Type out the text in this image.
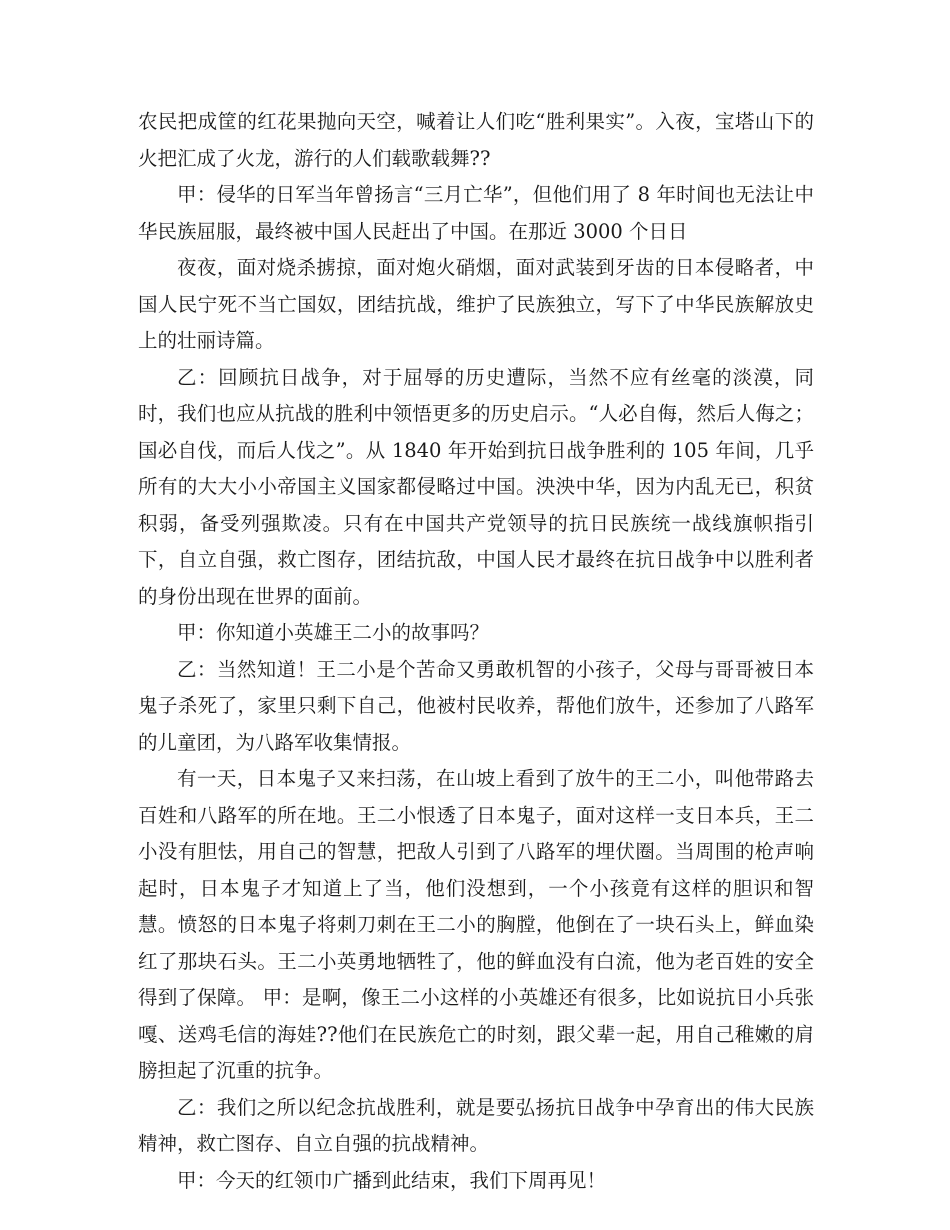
农民把成筐的红花果抛向天空，喊着让人们吃“胜利果实”。入夜，宝塔山下的火把汇成了火龙，游行的人们载歌载舞??

甲：侵华的日军当年曾扬言“三月亡华”，但他们用了 8 年时间也无法让中华民族屈服，最终被中国人民赶出了中国。在那近 3000 个日日

夜夜，面对烧杀掳掠，面对炮火硝烟，面对武装到牙齿的日本侵略者，中国人民宁死不当亡国奴，团结抗战，维护了民族独立，写下了中华民族解放史上的壮丽诗篇。

乙：回顾抗日战争，对于屈辱的历史遭际，当然不应有丝毫的淡漠，同时，我们也应从抗战的胜利中领悟更多的历史启示。“人必自侮，然后人侮之；国必自伐，而后人伐之”。从 1840 年开始到抗日战争胜利的 105 年间，几乎所有的大大小小帝国主义国家都侵略过中国。泱泱中华，因为内乱无已，积贫积弱，备受列强欺凌。只有在中国共产党领导的抗日民族统一战线旗帜指引下，自立自强，救亡图存，团结抗敌，中国人民才最终在抗日战争中以胜利者的身份出现在世界的面前。

甲：你知道小英雄王二小的故事吗？

乙：当然知道！王二小是个苦命又勇敢机智的小孩子，父母与哥哥被日本鬼子杀死了，家里只剩下自己，他被村民收养，帮他们放牛，还参加了八路军的儿童团，为八路军收集情报。

有一天，日本鬼子又来扫荡，在山坡上看到了放牛的王二小，叫他带路去百姓和八路军的所在地。王二小恨透了日本鬼子，面对这样一支日本兵，王二小没有胆怯，用自己的智慧，把敌人引到了八路军的埋伏圈。当周围的枪声响起时，日本鬼子才知道上了当，他们没想到，一个小孩竟有这样的胆识和智慧。愤怒的日本鬼子将刺刀刺在王二小的胸膛，他倒在了一块石头上，鲜血染红了那块石头。王二小英勇地牺牲了，他的鲜血没有白流，他为老百姓的安全得到了保障。 甲：是啊，像王二小这样的小英雄还有很多，比如说抗日小兵张嘎、送鸡毛信的海娃??他们在民族危亡的时刻，跟父辈一起，用自己稚嫩的肩膀担起了沉重的抗争。

乙：我们之所以纪念抗战胜利，就是要弘扬抗日战争中孕育出的伟大民族精神，救亡图存、自立自强的抗战精神。

甲：今天的红领巾广播到此结束，我们下周再见！
